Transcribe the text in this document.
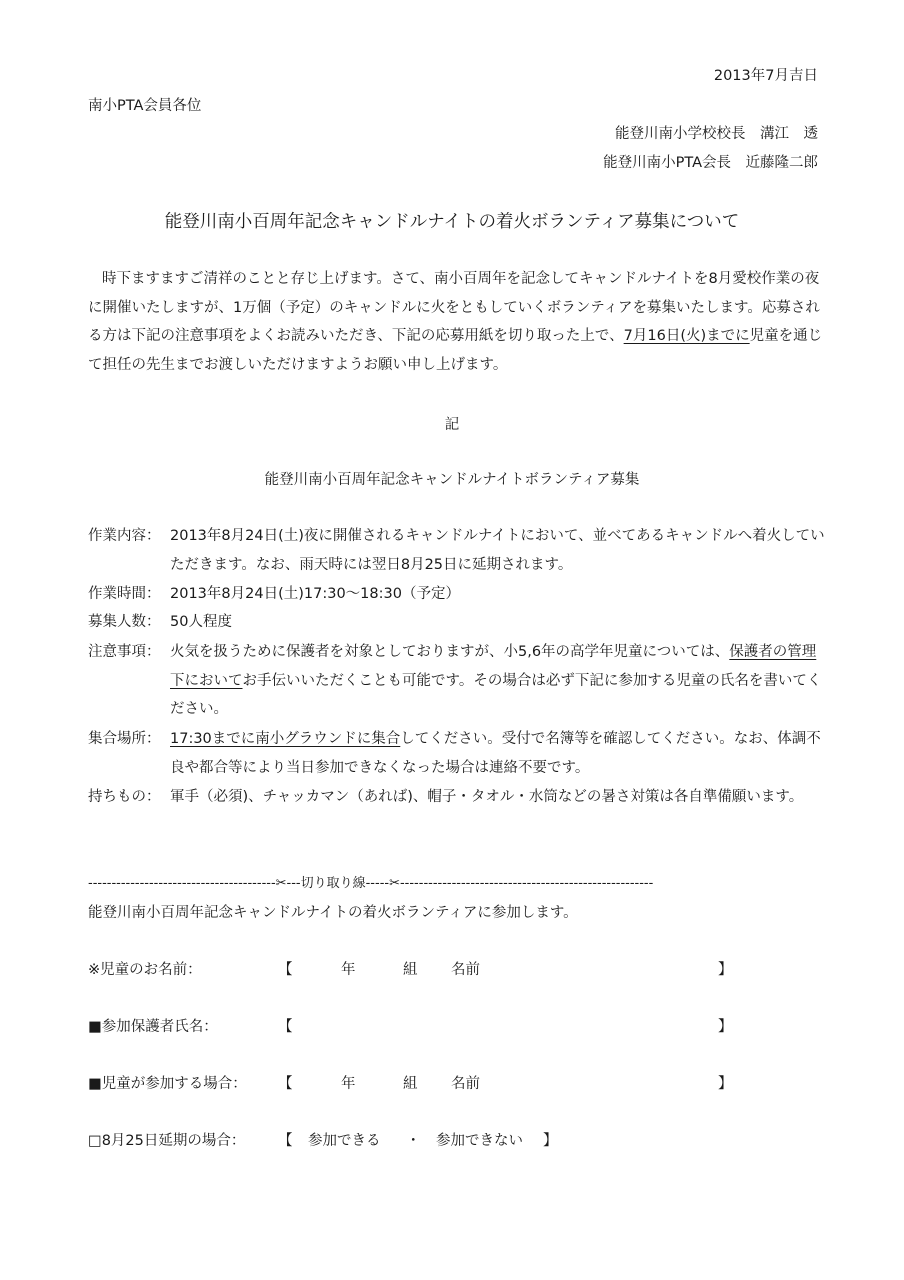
2013年7月吉日
南小PTA会員各位
能登川南小学校校長　溝江　透
能登川南小PTA会長　近藤隆二郎
能登川南小百周年記念キャンドルナイトの着火ボランティア募集について
時下ますますご清祥のことと存じ上げます。さて、南小百周年を記念してキャンドルナイトを8月愛校作業の夜に開催いたしますが、1万個（予定）のキャンドルに火をともしていくボランティアを募集いたします。応募される方は下記の注意事項をよくお読みいただき、下記の応募用紙を切り取った上で、7月16日(火)までに児童を通じて担任の先生までお渡しいただけますようお願い申し上げます。
記
能登川南小百周年記念キャンドルナイトボランティア募集
作業内容： 2013年8月24日(土)夜に開催されるキャンドルナイトにおいて、並べてあるキャンドルへ着火していただきます。なお、雨天時には翌日8月25日に延期されます。
作業時間： 2013年8月24日(土)17:30～18:30（予定）
募集人数： 50人程度
注意事項： 火気を扱うために保護者を対象としておりますが、小5,6年の高学年児童については、保護者の管理下においてお手伝いいただくことも可能です。その場合は必ず下記に参加する児童の氏名を書いてください。
集合場所： 17:30までに南小グラウンドに集合してください。受付で名簿等を確認してください。なお、体調不良や都合等により当日参加できなくなった場合は連絡不要です。
持ちもの： 軍手（必須)、チャッカマン（あれば)、帽子・タオル・水筒などの暑さ対策は各自準備願います。
----------------------------------------✂---切り取り線-----✂------------------------------------------------------
能登川南小百周年記念キャンドルナイトの着火ボランティアに参加します。
※児童のお名前：	【	年	組 名前	】
■参加保護者氏名：	【	】
■児童が参加する場合： 【	年	組 名前	】
□8月25日延期の場合： 【 参加できる ・ 参加できない 】
